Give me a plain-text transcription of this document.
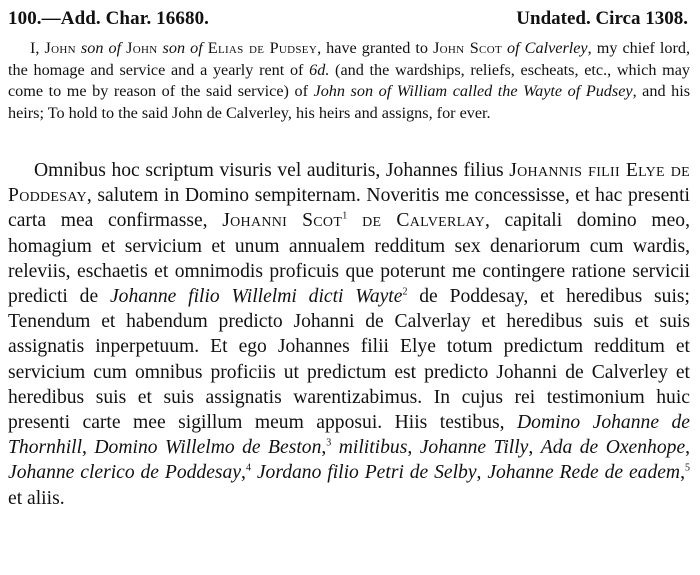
100.—Add. Char. 16680.	Undated. Circa 1308.
I, John son of John son of Elias de Pudsey, have granted to John Scot of Calverley, my chief lord, the homage and service and a yearly rent of 6d. (and the wardships, reliefs, escheats, etc., which may come to me by reason of the said service) of John son of William called the Wayte of Pudsey, and his heirs; To hold to the said John de Calverley, his heirs and assigns, for ever.
Omnibus hoc scriptum visuris vel audituris, Johannes filius Johannis filii Elye de Poddesay, salutem in Domino sempiternam. Noveritis me concessisse, et hac presenti carta mea confirmasse, Johanni Scot$^1$ de Calverlay, capitali domino meo, homagium et servicium et unum annualem redditum sex denariorum cum wardis, releviis, eschaetis et omnimodis proficuis que poterunt me contingere ratione servicii predicti de Johanne filio Willelmi dicti Wayte$^2$ de Poddesay, et heredibus suis; Tenendum et habendum predicto Johanni de Calverlay et heredibus suis et suis assignatis inperpetuum. Et ego Johannes filii Elye totum predictum redditum et servicium cum omnibus proficiis ut predictum est predicto Johanni de Calverley et heredibus suis et suis assignatis warentizabimus. In cujus rei testimonium huic presenti carte mee sigillum meum apposui. Hiis testibus, Domino Johanne de Thornhill, Domino Willelmo de Beston,$^3$ militibus, Johanne Tilly, Ada de Oxenhope, Johanne clerico de Poddesay,$^4$ Jordano filio Petri de Selby, Johanne Rede de eadem,$^5$ et aliis.
